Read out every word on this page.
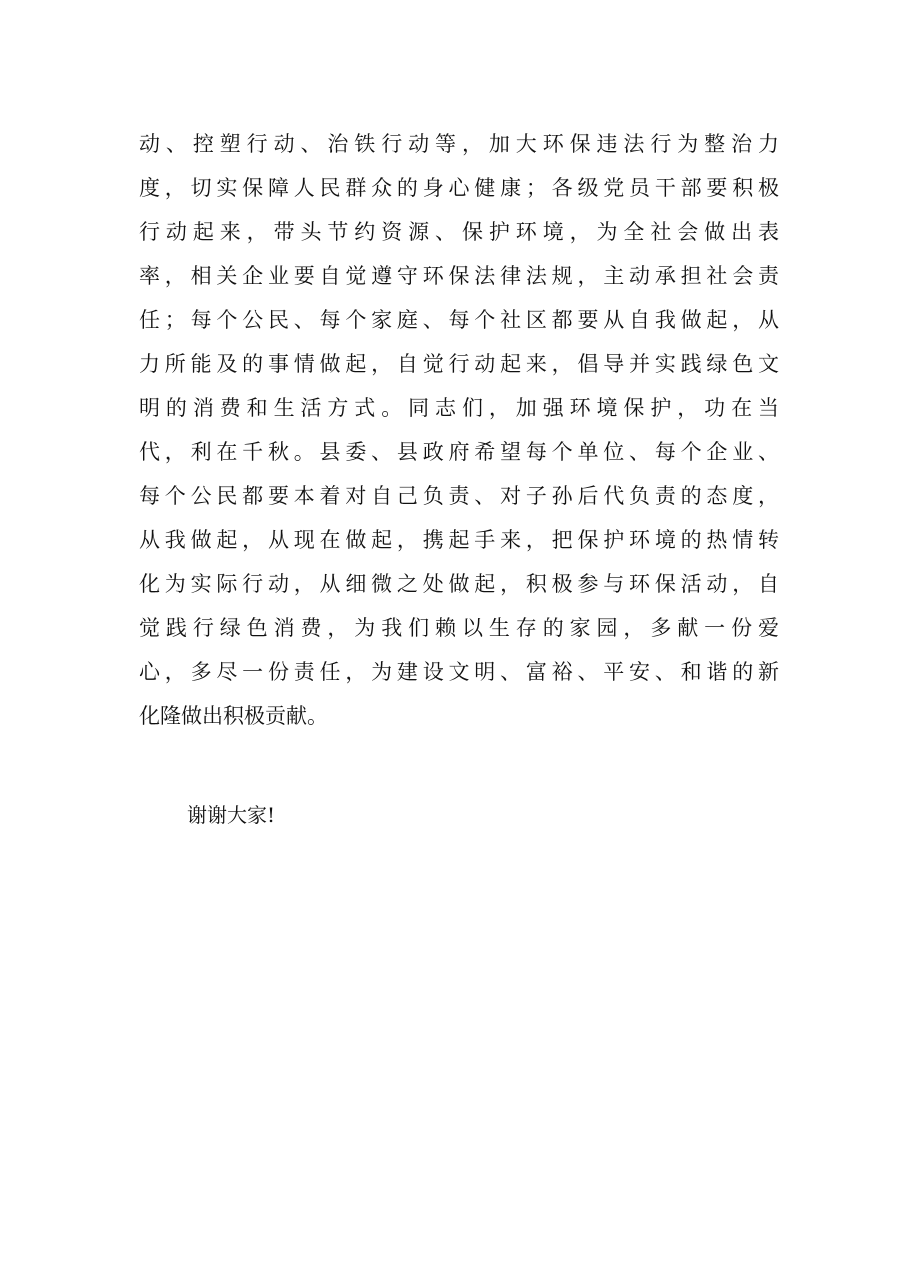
动、控塑行动、治铁行动等，加大环保违法行为整治力
度，切实保障人民群众的身心健康；各级党员干部要积极
行动起来，带头节约资源、保护环境，为全社会做出表
率，相关企业要自觉遵守环保法律法规，主动承担社会责
任；每个公民、每个家庭、每个社区都要从自我做起，从
力所能及的事情做起，自觉行动起来，倡导并实践绿色文
明的消费和生活方式。同志们，加强环境保护，功在当
代，利在千秋。县委、县政府希望每个单位、每个企业、
每个公民都要本着对自己负责、对子孙后代负责的态度，
从我做起，从现在做起，携起手来，把保护环境的热情转
化为实际行动，从细微之处做起，积极参与环保活动，自
觉践行绿色消费，为我们赖以生存的家园，多献一份爱
心，多尽一份责任，为建设文明、富裕、平安、和谐的新
化隆做出积极贡献。
谢谢大家!
